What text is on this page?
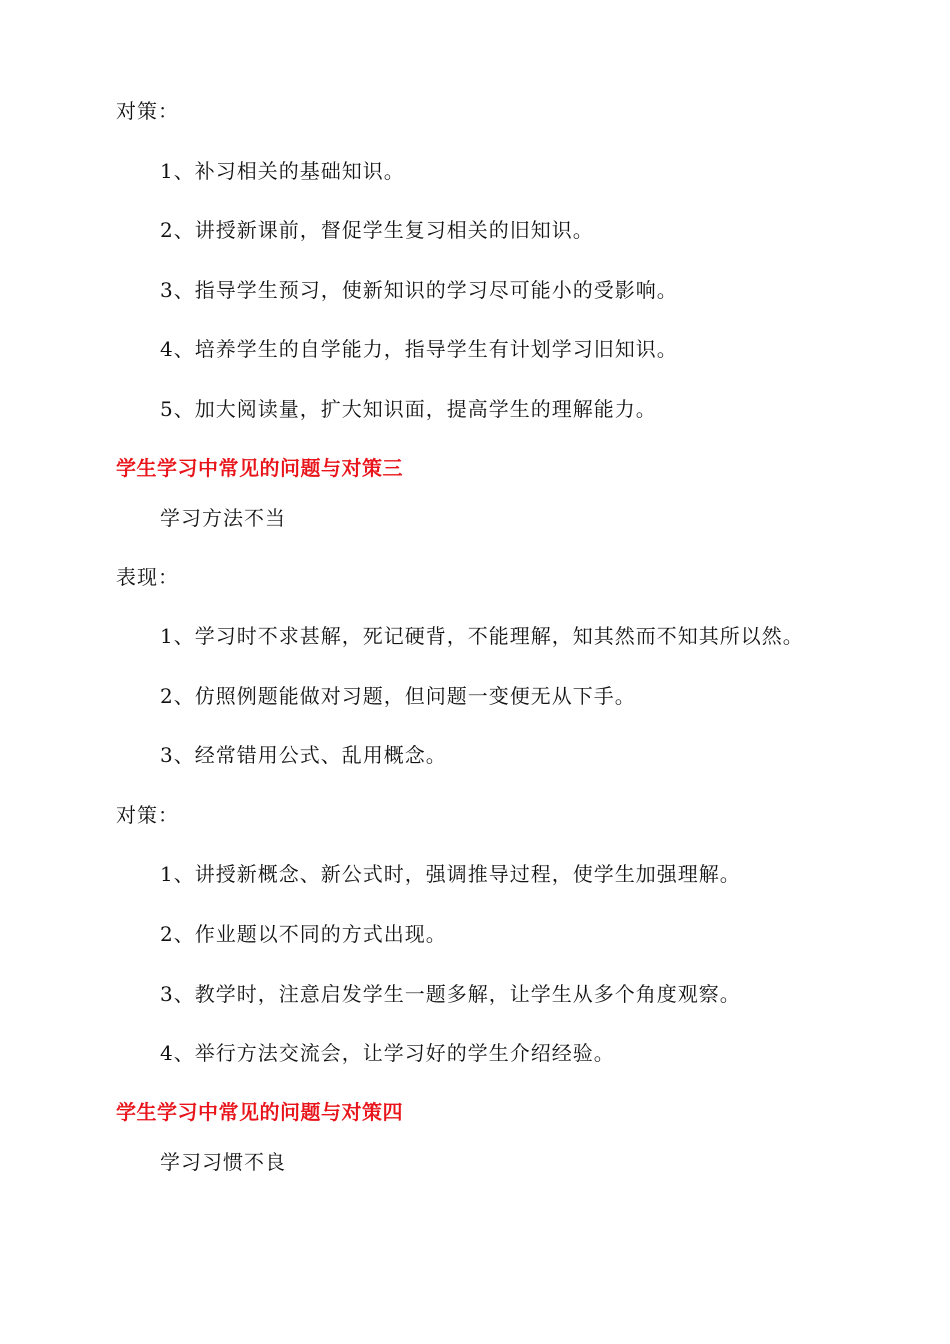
对策：
1、补习相关的基础知识。
2、讲授新课前，督促学生复习相关的旧知识。
3、指导学生预习，使新知识的学习尽可能小的受影响。
4、培养学生的自学能力，指导学生有计划学习旧知识。
5、加大阅读量，扩大知识面，提高学生的理解能力。
学生学习中常见的问题与对策三
学习方法不当
表现：
1、学习时不求甚解，死记硬背，不能理解，知其然而不知其所以然。
2、仿照例题能做对习题，但问题一变便无从下手。
3、经常错用公式、乱用概念。
对策：
1、讲授新概念、新公式时，强调推导过程，使学生加强理解。
2、作业题以不同的方式出现。
3、教学时，注意启发学生一题多解，让学生从多个角度观察。
4、举行方法交流会，让学习好的学生介绍经验。
学生学习中常见的问题与对策四
学习习惯不良
